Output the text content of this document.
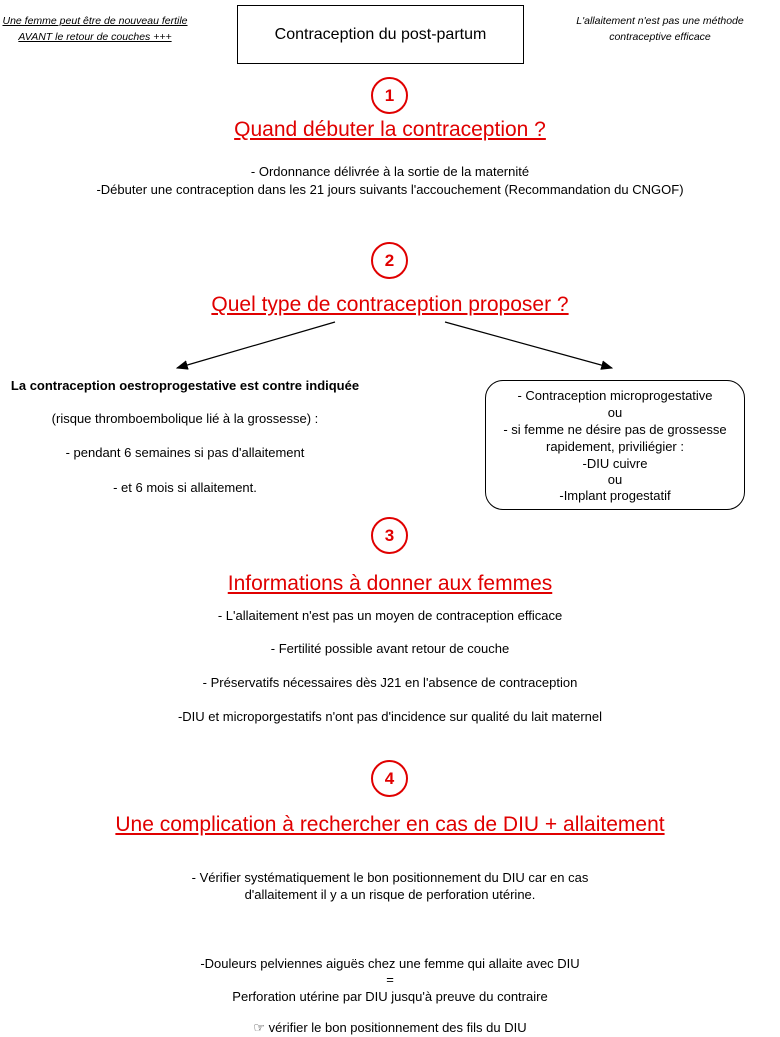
Une femme peut être de nouveau fertile AVANT le retour de couches +++	Contraception du post-partum
L'allaitement n'est pas une méthode contraceptive efficace
1
Quand débuter la contraception ?
- Ordonnance délivrée à la sortie de la maternité
-Débuter une contraception dans les 21 jours suivants l'accouchement (Recommandation du CNGOF)
2
Quel type de contraception proposer ?
La contraception oestroprogestative est contre indiquée
(risque thromboembolique lié à la grossesse) :
- pendant 6 semaines si pas d'allaitement
- et 6 mois si allaitement.
- Contraception microprogestative
ou
- si femme ne désire pas de grossesse
rapidement, priviliégier :
-DIU cuivre
ou
-Implant progestatif
3
Informations à donner aux femmes
- L'allaitement n'est pas un moyen de contraception efficace
- Fertilité possible avant retour de couche
- Préservatifs nécessaires dès J21 en l'absence de contraception
-DIU et microporgestatifs n'ont pas d'incidence sur qualité du lait maternel
4
Une complication à rechercher en cas de DIU + allaitement
- Vérifier systématiquement le bon positionnement du DIU car en cas
d'allaitement il y a un risque de perforation utérine.
-Douleurs pelviennes aiguës chez une femme qui allaite avec DIU
=
Perforation utérine par DIU jusqu'à preuve du contraire
☞ vérifier le bon positionnement des fils du DIU
